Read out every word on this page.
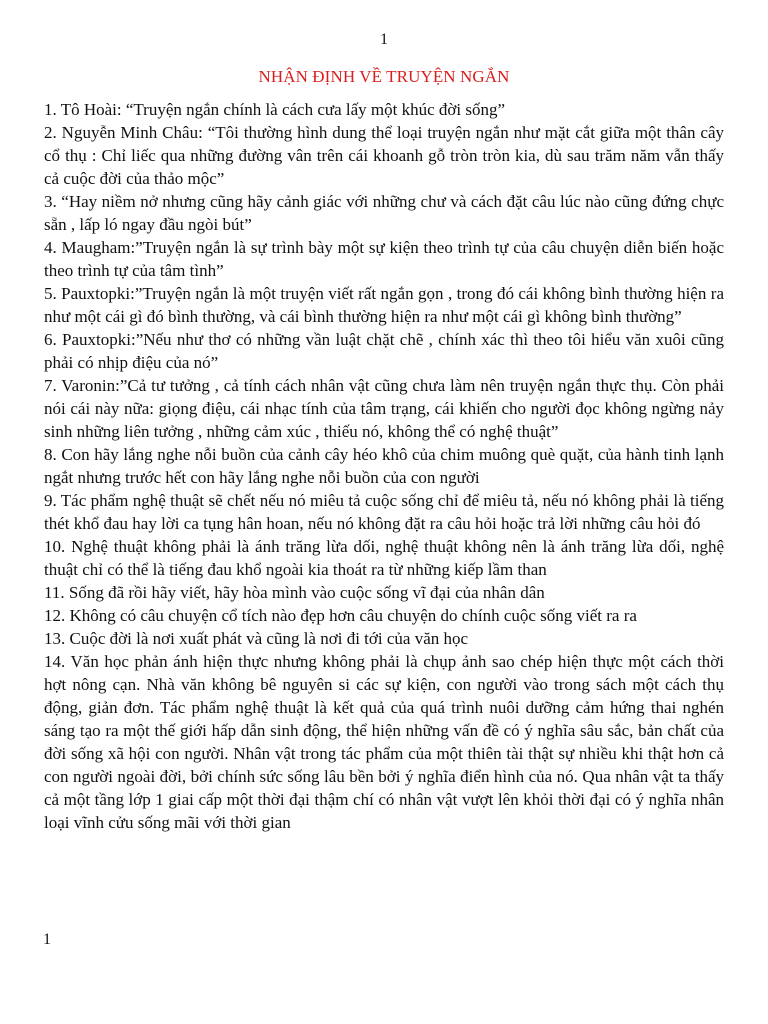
1
NHẬN ĐỊNH VỀ TRUYỆN NGẮN

1. Tô Hoài: “Truyện ngắn chính là cách cưa lấy một khúc đời sống”

2. Nguyễn Minh Châu: “Tôi thường hình dung thể loại truyện ngắn như mặt cắt giữa một thân cây cổ thụ : Chỉ liếc qua những đường vân trên cái khoanh gỗ tròn tròn kia, dù sau trăm năm vẫn thấy cả cuộc đời của thảo mộc”

3. “Hay niềm nở nhưng cũng hãy cảnh giác với những chư và cách đặt câu lúc nào cũng đứng chực sẵn , lấp ló ngay đầu ngòi bút”

4. Maugham:”Truyện ngắn là sự trình bày một sự kiện theo trình tự của câu chuyện diễn biến hoặc theo trình tự của tâm tình”

5. Pauxtopki:”Truyện ngắn là một truyện viết rất ngắn gọn , trong đó cái không bình thường hiện ra như một cái gì đó bình thường, và cái bình thường hiện ra như một cái gì không bình thường”

6. Pauxtopki:”Nếu như thơ có những vần luật chặt chẽ , chính xác thì theo tôi hiểu văn xuôi cũng phải có nhịp điệu của nó”

7. Varonin:”Cả tư tưởng , cả tính cách nhân vật cũng chưa làm nên truyện ngắn thực thụ. Còn phải nói cái này nữa: giọng điệu, cái nhạc tính của tâm trạng, cái khiến cho người đọc không ngừng nảy sinh những liên tưởng , những cảm xúc , thiếu nó, không thể có nghệ thuật”

8. Con hãy lắng nghe nỗi buồn của cảnh cây héo khô của chim muông què quặt, của hành tinh lạnh ngắt nhưng trước hết con hãy lắng nghe nỗi buồn của con người

9. Tác phẩm nghệ thuật sẽ chết nếu nó miêu tả cuộc sống chỉ để miêu tả, nếu nó không phải là tiếng thét khổ đau hay lời ca tụng hân hoan, nếu nó không đặt ra câu hỏi hoặc trả lời những câu hỏi đó

10. Nghệ thuật không phải là ánh trăng lừa dối, nghệ thuật không nên là ánh trăng lừa dối, nghệ thuật chỉ có thể là tiếng đau khổ ngoài kia thoát ra từ những kiếp lầm than

11. Sống đã rồi hãy viết, hãy hòa mình vào cuộc sống vĩ đại của nhân dân

12. Không có câu chuyện cổ tích nào đẹp hơn câu chuyện do chính cuộc sống viết ra ra

13. Cuộc đời là nơi xuất phát và cũng là nơi đi tới của văn học

14. Văn học phản ánh hiện thực nhưng không phải là chụp ảnh sao chép hiện thực một cách thời hợt nông cạn. Nhà văn không bê nguyên si các sự kiện, con người vào trong sách một cách thụ động, giản đơn. Tác phẩm nghệ thuật là kết quả của quá trình nuôi dưỡng cảm hứng thai nghén sáng tạo ra một thế giới hấp dẫn sinh động, thể hiện những vấn đề có ý nghĩa sâu sắc, bản chất của đời sống xã hội con người. Nhân vật trong tác phẩm của một thiên tài thật sự nhiều khi thật hơn cả con người ngoài đời, bởi chính sức sống lâu bền bởi ý nghĩa điển hình của nó. Qua nhân vật ta thấy cả một tầng lớp 1 giai cấp một thời đại thậm chí có nhân vật vượt lên khỏi thời đại có ý nghĩa nhân loại vĩnh cửu sống mãi với thời gian

1
